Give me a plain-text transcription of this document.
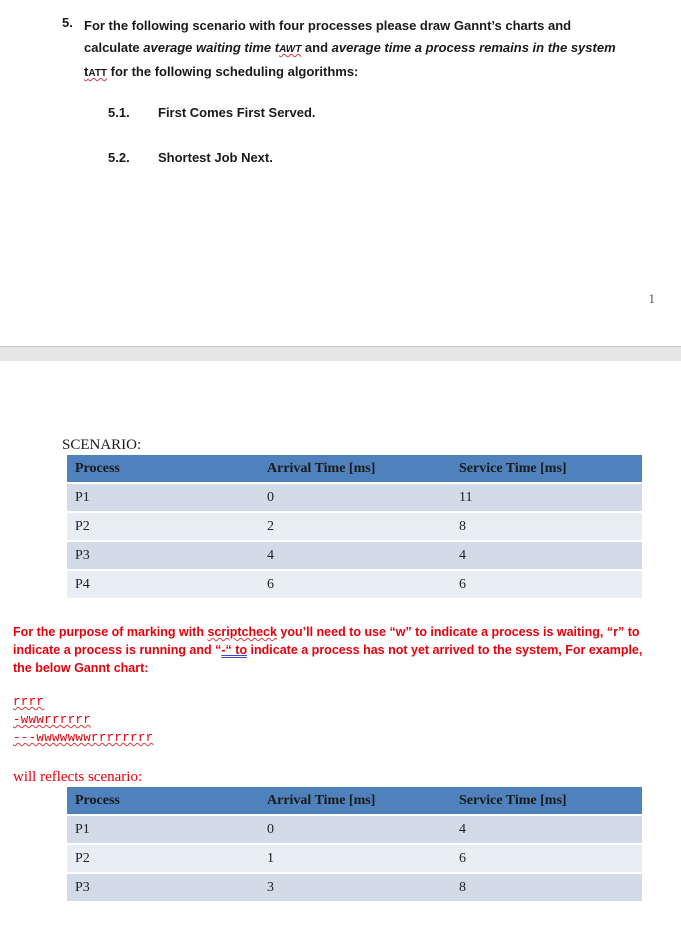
5. For the following scenario with four processes please draw Gannt’s charts and
calculate average waiting time tAWT and average time a process remains in the system
tATT for the following scheduling algorithms:
5.1. First Comes First Served.
5.2. Shortest Job Next.
1
SCENARIO:
Process	Arrival Time [ms]	Service Time [ms]
P1	0	11
P2	2	8
P3	4	4
P4	6	6
For the purpose of marking with scriptcheck you’ll need to use “w” to indicate a process is waiting, “r” to indicate a process is running and “-“ to indicate a process has not yet arrived to the system, For example, the below Gannt chart:
rrrr
-wwwrrrrrr
---wwwwwwwrrrrrrrr
will reflects scenario:
Process	Arrival Time [ms]	Service Time [ms]
P1	0	4
P2	1	6
P3	3	8
